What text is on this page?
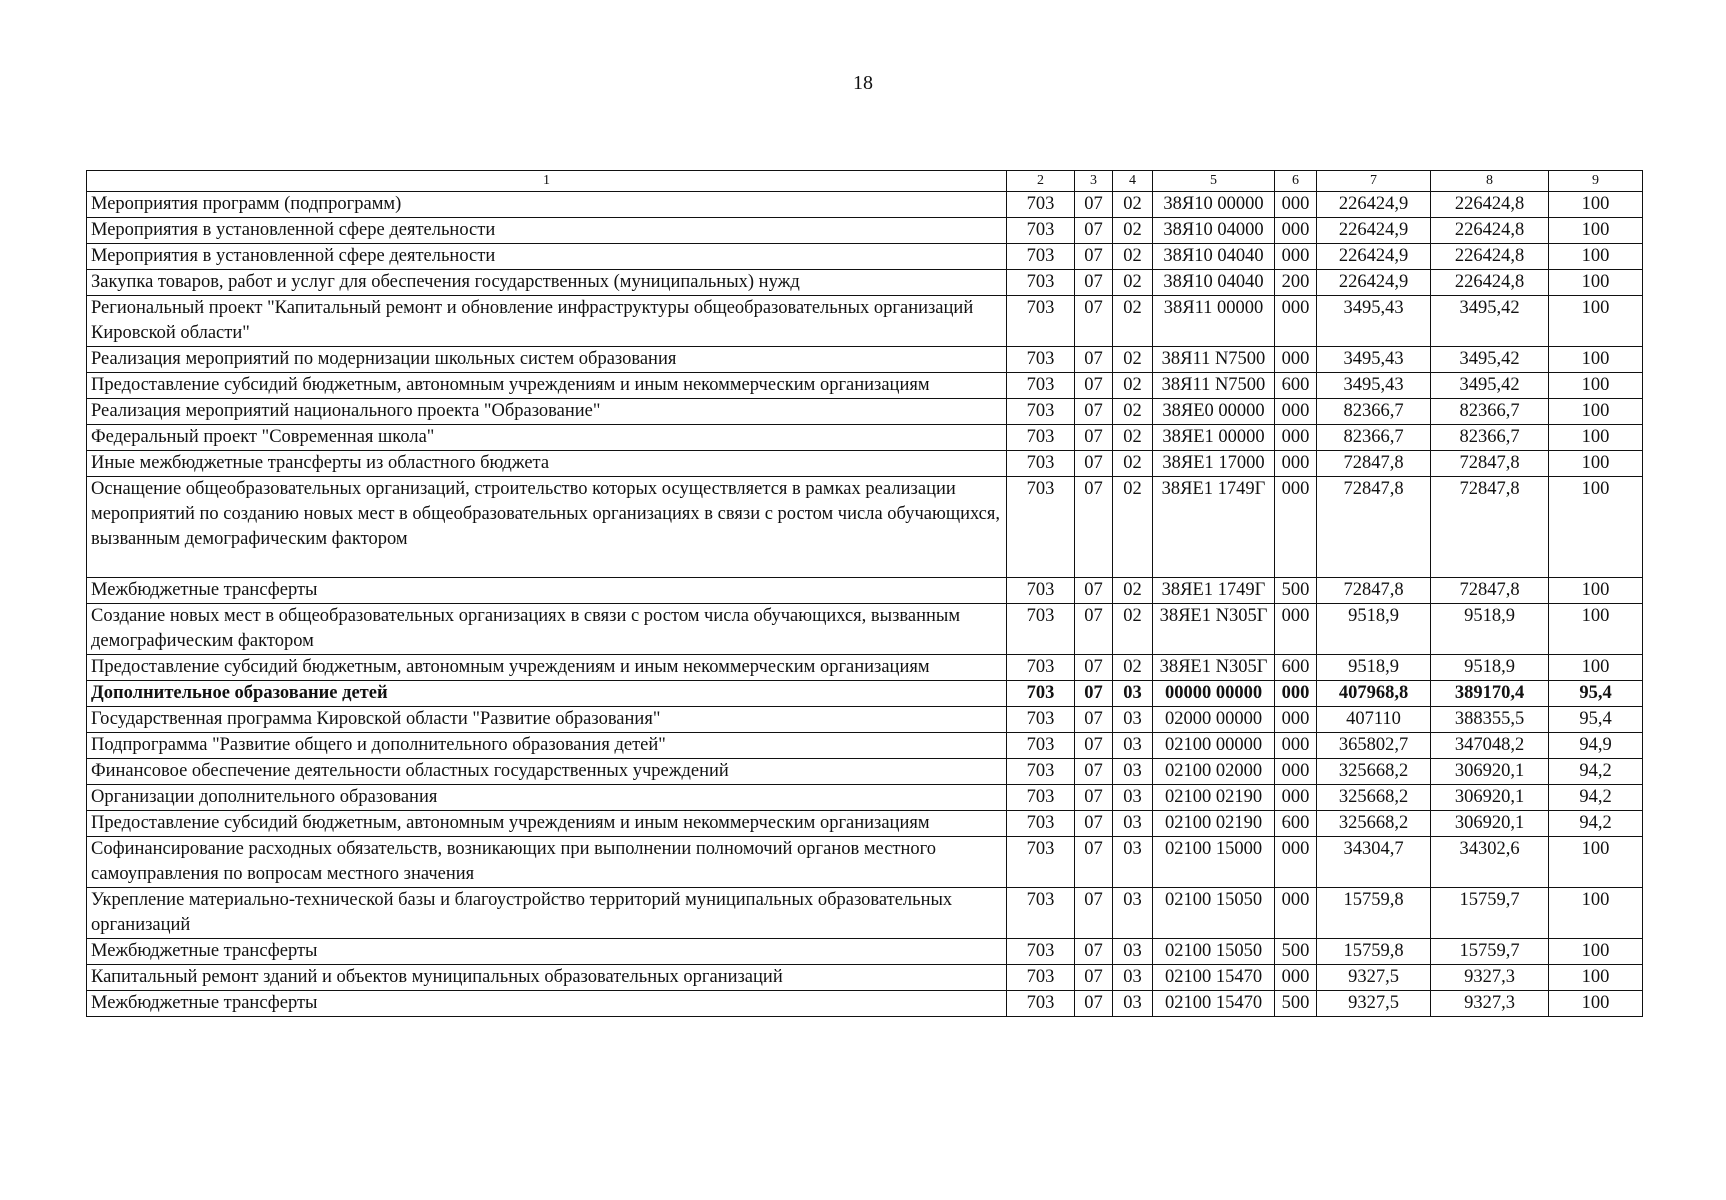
18
1	2	3	4	5	6	7	8	9
Мероприятия программ (подпрограмм)	703	07	02	38Я10 00000	000	226424,9	226424,8	100
Мероприятия в установленной сфере деятельности	703	07	02	38Я10 04000	000	226424,9	226424,8	100
Мероприятия в установленной сфере деятельности	703	07	02	38Я10 04040	000	226424,9	226424,8	100
Закупка товаров, работ и услуг для обеспечения государственных (муниципальных) нужд	703	07	02	38Я10 04040	200	226424,9	226424,8	100
Региональный проект "Капитальный ремонт и обновление инфраструктуры общеобразовательных организаций Кировской области"	703	07	02	38Я11 00000	000	3495,43	3495,42	100
Реализация мероприятий по модернизации школьных систем образования	703	07	02	38Я11 N7500	000	3495,43	3495,42	100
Предоставление субсидий бюджетным, автономным учреждениям и иным некоммерческим организациям	703	07	02	38Я11 N7500	600	3495,43	3495,42	100
Реализация мероприятий национального проекта "Образование"	703	07	02	38ЯЕ0 00000	000	82366,7	82366,7	100
Федеральный проект "Современная школа"	703	07	02	38ЯЕ1 00000	000	82366,7	82366,7	100
Иные межбюджетные трансферты из областного бюджета	703	07	02	38ЯЕ1 17000	000	72847,8	72847,8	100
Оснащение общеобразовательных организаций, строительство которых осуществляется в рамках реализации мероприятий по созданию новых мест в общеобразовательных организациях в связи с ростом числа обучающихся, вызванным демографическим фактором	703	07	02	38ЯЕ1 1749Г	000	72847,8	72847,8	100
Межбюджетные трансферты	703	07	02	38ЯЕ1 1749Г	500	72847,8	72847,8	100
Создание новых мест в общеобразовательных организациях в связи с ростом числа обучающихся, вызванным демографическим фактором	703	07	02	38ЯЕ1 N305Г	000	9518,9	9518,9	100
Предоставление субсидий бюджетным, автономным учреждениям и иным некоммерческим организациям	703	07	02	38ЯЕ1 N305Г	600	9518,9	9518,9	100
Дополнительное образование детей	703	07	03	00000 00000	000	407968,8	389170,4	95,4
Государственная программа Кировской области "Развитие образования"	703	07	03	02000 00000	000	407110	388355,5	95,4
Подпрограмма "Развитие общего и дополнительного образования детей"	703	07	03	02100 00000	000	365802,7	347048,2	94,9
Финансовое обеспечение деятельности областных государственных учреждений	703	07	03	02100 02000	000	325668,2	306920,1	94,2
Организации дополнительного образования	703	07	03	02100 02190	000	325668,2	306920,1	94,2
Предоставление субсидий бюджетным, автономным учреждениям и иным некоммерческим организациям	703	07	03	02100 02190	600	325668,2	306920,1	94,2
Софинансирование расходных обязательств, возникающих при выполнении полномочий органов местного самоуправления по вопросам местного значения	703	07	03	02100 15000	000	34304,7	34302,6	100
Укрепление материально-технической базы и благоустройство территорий муниципальных образовательных организаций	703	07	03	02100 15050	000	15759,8	15759,7	100
Межбюджетные трансферты	703	07	03	02100 15050	500	15759,8	15759,7	100
Капитальный ремонт зданий и объектов муниципальных образовательных организаций	703	07	03	02100 15470	000	9327,5	9327,3	100
Межбюджетные трансферты	703	07	03	02100 15470	500	9327,5	9327,3	100
